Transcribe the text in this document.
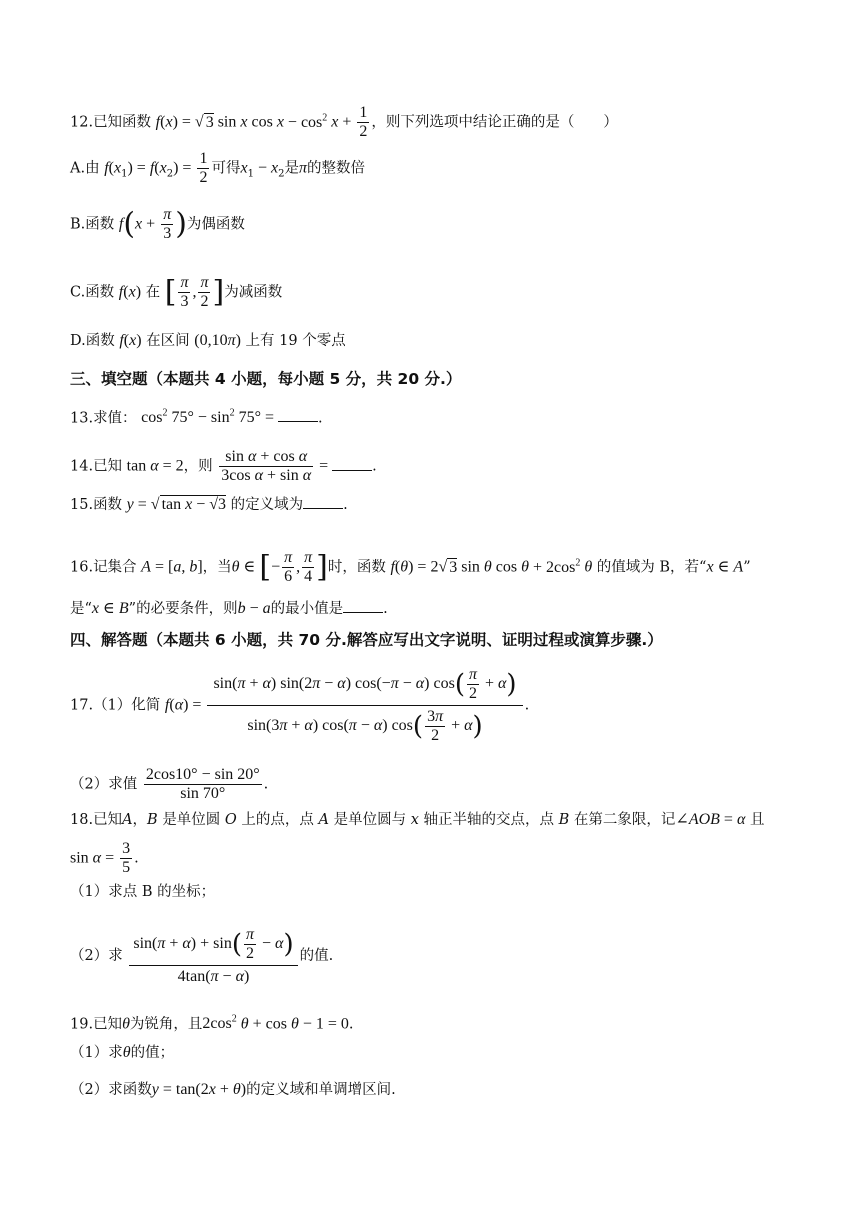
12.已知函数 f(x) = √ 3 sin x $\cos x - \cos^2 x + \frac{1}{2}$ ，则下列选项中结论正确的是（　　）
A.由 $f(x_1) = f(x_2) = \frac{1}{2}$ 可得$x_1 - x_2$是π的整数倍
B.函数 $f(x + \frac{\pi}{3}$ )为偶函数
C.函数 f(x) 在 [ $\frac{\pi}{3}$ , $\frac{\pi}{2}$ ]为减函数
D.函数 f(x) 在区间 (0,10π) 上有 19 个零点
三、填空题（本题共 4 小题，每小题 5 分，共 20 分.）
13.求值： $\cos^2 75^\circ - \sin^2 75^\circ$ =	.
14.已知 tan α = 2，则 $\frac{\text{sin α + cos α}}{\text{3cos α + sin α}}$ =	.
15.函数 y = √ tan x − √3 的定义域为	.
16.记集合 A = [a, b]，当θ ∈ [− $\frac{\pi}{6}$ , $\frac{\pi}{4}$ ]时，函数 f(θ) = 2√ 3 sin θ $\cos \theta + 2\cos^2$ θ 的值域为 B，若“x ∈ A”
是“x ∈ B”的必要条件，则b − a的最小值是	.
四、解答题（本题共 6 小题，共 70 分.解答应写出文字说明、证明过程或演算步骤.）
17.（1）化简 $f(\alpha) = \frac{\sin(\pi + \alpha) \sin(2\pi - \alpha) \cos(-\pi - \alpha) \cos( \frac{\pi}{2} + \alpha)}{\sin(3\pi + \alpha) \cos(\pi - \alpha) \cos( \frac{3\pi}{2} + \alpha)}$ .
（2）求值 $\frac{2\cos 10^\circ - \sin 20^\circ}{\sin 70^\circ}$ .
18.已知A，B 是单位圆 O 上的点，点 A 是单位圆与 x 轴正半轴的交点，点 B 在第二象限，记∠AOB = α 且
$\sin \alpha = \frac{3}{5}$ .
（1）求点 B 的坐标；
（2）求 $\frac{\sin(\pi + \alpha) + \sin( \frac{\pi}{2} - \alpha)}{4\tan(\pi - \alpha)}$ 的值.
19.已知θ为锐角，且$2\cos^2$ θ + cos θ − 1 = 0.
（1）求θ的值；
（2）求函数y = tan(2x + θ)的定义域和单调增区间.
